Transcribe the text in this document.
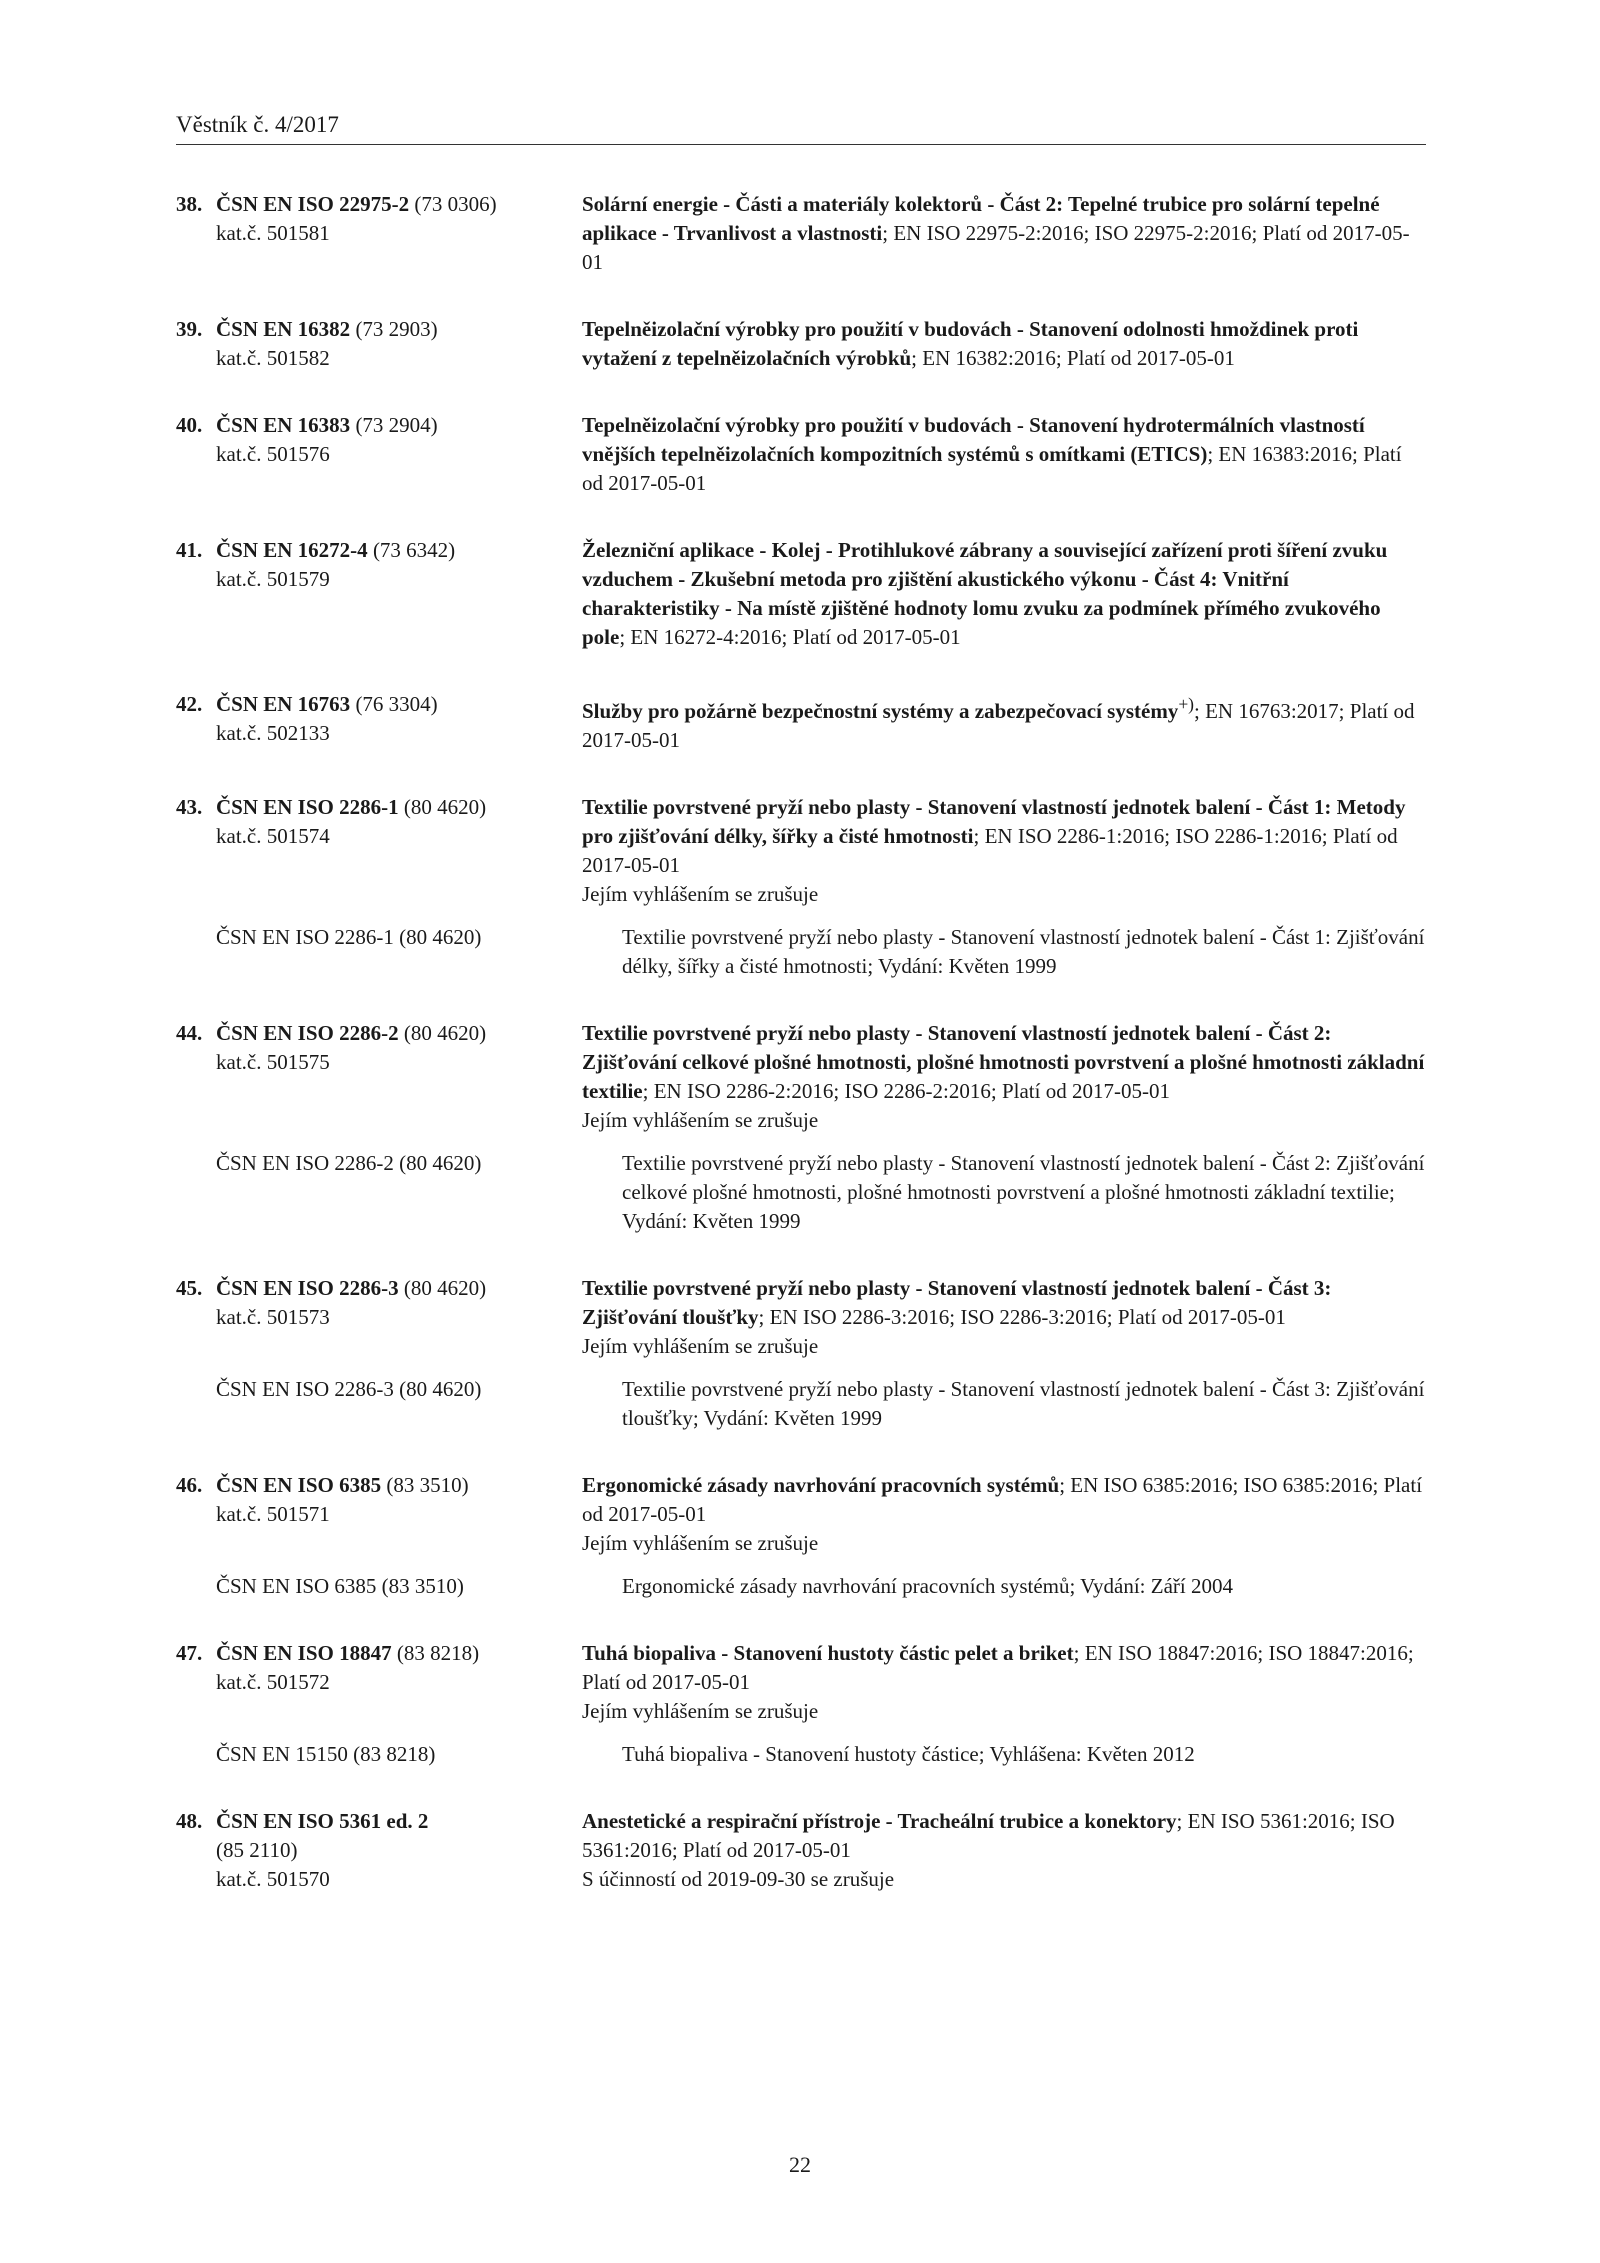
Věstník č. 4/2017
38. ČSN EN ISO 22975-2 (73 0306)
kat.č. 501581
Solární energie - Části a materiály kolektorů - Část 2: Tepelné trubice pro solární tepelné aplikace - Trvanlivost a vlastnosti; EN ISO 22975-2:2016; ISO 22975-2:2016; Platí od 2017-05-01
39. ČSN EN 16382 (73 2903)
kat.č. 501582
Tepelněizolační výrobky pro použití v budovách - Stanovení odolnosti hmoždinek proti vytažení z tepelněizolačních výrobků; EN 16382:2016; Platí od 2017-05-01
40. ČSN EN 16383 (73 2904)
kat.č. 501576
Tepelněizolační výrobky pro použití v budovách - Stanovení hydrotermálních vlastností vnějších tepelněizolačních kompozitních systémů s omítkami (ETICS); EN 16383:2016; Platí od 2017-05-01
41. ČSN EN 16272-4 (73 6342)
kat.č. 501579
Železniční aplikace - Kolej - Protihlukové zábrany a související zařízení proti šíření zvuku vzduchem - Zkušební metoda pro zjištění akustického výkonu - Část 4: Vnitřní charakteristiky - Na místě zjištěné hodnoty lomu zvuku za podmínek přímého zvukového pole; EN 16272-4:2016; Platí od 2017-05-01
42. ČSN EN 16763 (76 3304)
kat.č. 502133
Služby pro požárně bezpečnostní systémy a zabezpečovací systémy+); EN 16763:2017; Platí od 2017-05-01
43. ČSN EN ISO 2286-1 (80 4620)
kat.č. 501574
Textilie povrstvené pryží nebo plasty - Stanovení vlastností jednotek balení - Část 1: Metody pro zjišťování délky, šířky a čisté hmotnosti; EN ISO 2286-1:2016; ISO 2286-1:2016; Platí od 2017-05-01
Jejím vyhlášením se zrušuje
ČSN EN ISO 2286-1 (80 4620)	Textilie povrstvené pryží nebo plasty - Stanovení vlastností jednotek balení - Část 1: Zjišťování délky, šířky a čisté hmotnosti; Vydání: Květen 1999
44. ČSN EN ISO 2286-2 (80 4620)
kat.č. 501575
Textilie povrstvené pryží nebo plasty - Stanovení vlastností jednotek balení - Část 2: Zjišťování celkové plošné hmotnosti, plošné hmotnosti povrstvení a plošné hmotnosti základní textilie; EN ISO 2286-2:2016; ISO 2286-2:2016; Platí od 2017-05-01
Jejím vyhlášením se zrušuje
ČSN EN ISO 2286-2 (80 4620)	Textilie povrstvené pryží nebo plasty - Stanovení vlastností jednotek balení - Část 2: Zjišťování celkové plošné hmotnosti, plošné hmotnosti povrstvení a plošné hmotnosti základní textilie; Vydání: Květen 1999
45. ČSN EN ISO 2286-3 (80 4620)
kat.č. 501573
Textilie povrstvené pryží nebo plasty - Stanovení vlastností jednotek balení - Část 3: Zjišťování tloušťky; EN ISO 2286-3:2016; ISO 2286-3:2016; Platí od 2017-05-01
Jejím vyhlášením se zrušuje
ČSN EN ISO 2286-3 (80 4620)	Textilie povrstvené pryží nebo plasty - Stanovení vlastností jednotek balení - Část 3: Zjišťování tloušťky; Vydání: Květen 1999
46. ČSN EN ISO 6385 (83 3510)
kat.č. 501571
Ergonomické zásady navrhování pracovních systémů; EN ISO 6385:2016; ISO 6385:2016; Platí od 2017-05-01
Jejím vyhlášením se zrušuje
ČSN EN ISO 6385 (83 3510)	Ergonomické zásady navrhování pracovních systémů; Vydání: Září 2004
47. ČSN EN ISO 18847 (83 8218)
kat.č. 501572
Tuhá biopaliva - Stanovení hustoty částic pelet a briket; EN ISO 18847:2016; ISO 18847:2016; Platí od 2017-05-01
Jejím vyhlášením se zrušuje
ČSN EN 15150 (83 8218)	Tuhá biopaliva - Stanovení hustoty částice; Vyhlášena: Květen 2012
48. ČSN EN ISO 5361 ed. 2
(85 2110)
kat.č. 501570
Anestetické a respirační přístroje - Tracheální trubice a konektory; EN ISO 5361:2016; ISO 5361:2016; Platí od 2017-05-01
S účinností od 2019-09-30 se zrušuje
22
